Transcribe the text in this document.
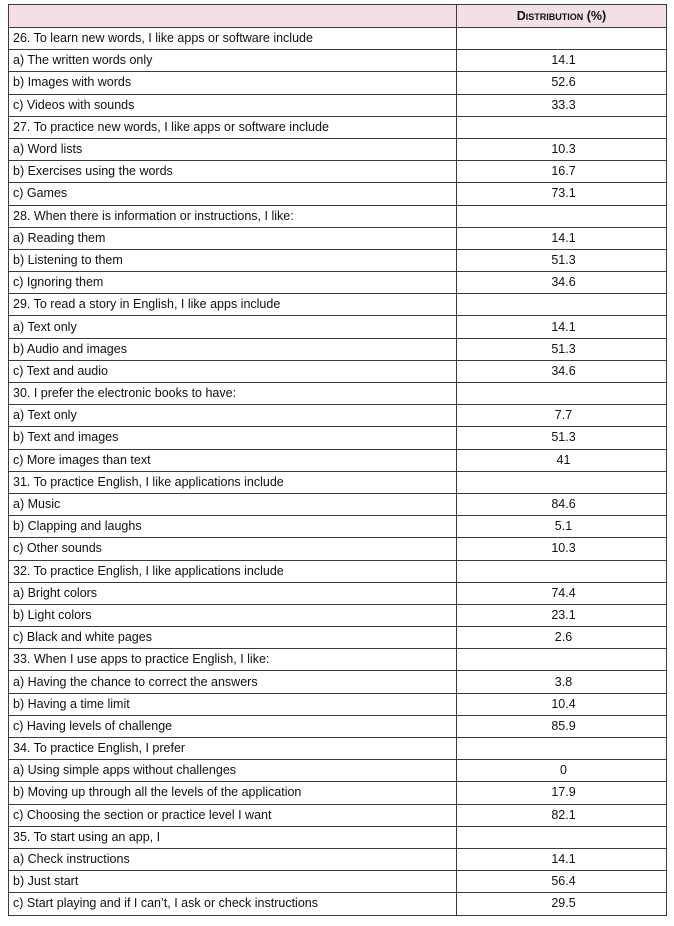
	Distribution (%)
26. To learn new words, I like apps or software include	
a) The written words only	14.1
b) Images with words	52.6
c) Videos with sounds	33.3
27. To practice new words, I like apps or software include	
a) Word lists	10.3
b) Exercises using the words	16.7
c) Games	73.1
28. When there is information or instructions, I like:	
a) Reading them	14.1
b) Listening to them	51.3
c) Ignoring them	34.6
29. To read a story in English, I like apps include	
a) Text only	14.1
b) Audio and images	51.3
c) Text and audio	34.6
30. I prefer the electronic books to have:	
a) Text only	7.7
b) Text and images	51.3
c) More images than text	41
31. To practice English, I like applications include	
a) Music	84.6
b) Clapping and laughs	5.1
c) Other sounds	10.3
32. To practice English, I like applications include	
a) Bright colors	74.4
b) Light colors	23.1
c) Black and white pages	2.6
33. When I use apps to practice English, I like:	
a) Having the chance to correct the answers	3.8
b) Having a time limit	10.4
c) Having levels of challenge	85.9
34. To practice English, I prefer	
a) Using simple apps without challenges	0
b) Moving up through all the levels of the application	17.9
c) Choosing the section or practice level I want	82.1
35. To start using an app, I	
a) Check instructions	14.1
b) Just start	56.4
c) Start playing and if I can’t, I ask or check instructions	29.5
